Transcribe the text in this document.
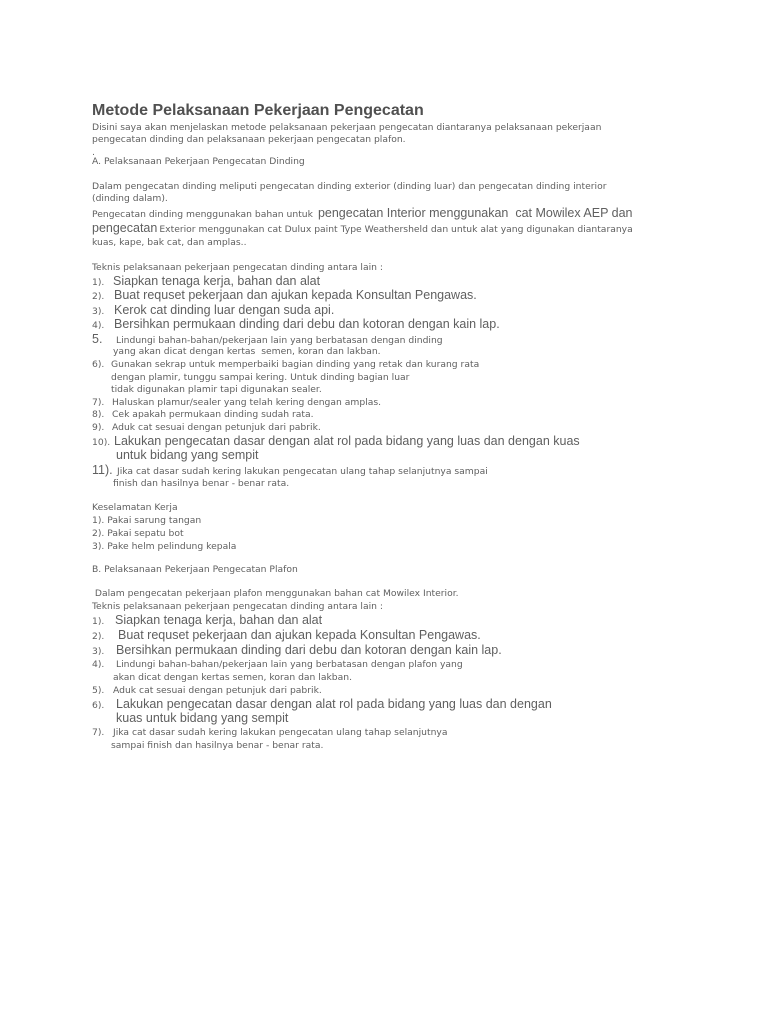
Metode Pelaksanaan Pekerjaan Pengecatan
Disini saya akan menjelaskan metode pelaksanaan pekerjaan pengecatan diantaranya pelaksanaan pekerjaan
pengecatan dinding dan pelaksanaan pekerjaan pengecatan plafon.
.
A. Pelaksanaan Pekerjaan Pengecatan Dinding
Dalam pengecatan dinding meliputi pengecatan dinding exterior (dinding luar) dan pengecatan dinding interior
(dinding dalam).
Pengecatan dinding menggunakan bahan untuk pengecatan Interior menggunakan  cat Mowilex AEP dan
pengecatan Exterior menggunakan cat Dulux paint Type Weathersheld dan untuk alat yang digunakan diantaranya
kuas, kape, bak cat, dan amplas..
Teknis pelaksanaan pekerjaan pengecatan dinding antara lain :
1). Siapkan tenaga kerja, bahan dan alat
2). Buat requset pekerjaan dan ajukan kepada Konsultan Pengawas.
3). Kerok cat dinding luar dengan suda api.
4). Bersihkan permukaan dinding dari debu dan kotoran dengan kain lap.
5.	Lindungi bahan-bahan/pekerjaan lain yang berbatasan dengan dinding
yang akan dicat dengan kertas  semen, koran dan lakban.
6). Gunakan sekrap untuk memperbaiki bagian dinding yang retak dan kurang rata
dengan plamir, tunggu sampai kering. Untuk dinding bagian luar
tidak digunakan plamir tapi digunakan sealer.
7). Haluskan plamur/sealer yang telah kering dengan amplas.
8). Cek apakah permukaan dinding sudah rata.
9). Aduk cat sesuai dengan petunjuk dari pabrik.
10). Lakukan pengecatan dasar dengan alat rol pada bidang yang luas dan dengan kuas
untuk bidang yang sempit
11). Jika cat dasar sudah kering lakukan pengecatan ulang tahap selanjutnya sampai
finish dan hasilnya benar - benar rata.
Keselamatan Kerja
1). Pakai sarung tangan
2). Pakai sepatu bot
3). Pake helm pelindung kepala
B. Pelaksanaan Pekerjaan Pengecatan Plafon
Dalam pengecatan pekerjaan plafon menggunakan bahan cat Mowilex Interior.
Teknis pelaksanaan pekerjaan pengecatan dinding antara lain :
1). Siapkan tenaga kerja, bahan dan alat
2).	Buat requset pekerjaan dan ajukan kepada Konsultan Pengawas.
3). Bersihkan permukaan dinding dari debu dan kotoran dengan kain lap.
4).	Lindungi bahan-bahan/pekerjaan lain yang berbatasan dengan plafon yang
akan dicat dengan kertas semen, koran dan lakban.
5). Aduk cat sesuai dengan petunjuk dari pabrik.
6). Lakukan pengecatan dasar dengan alat rol pada bidang yang luas dan dengan
kuas untuk bidang yang sempit
7). Jika cat dasar sudah kering lakukan pengecatan ulang tahap selanjutnya
sampai finish dan hasilnya benar - benar rata.
